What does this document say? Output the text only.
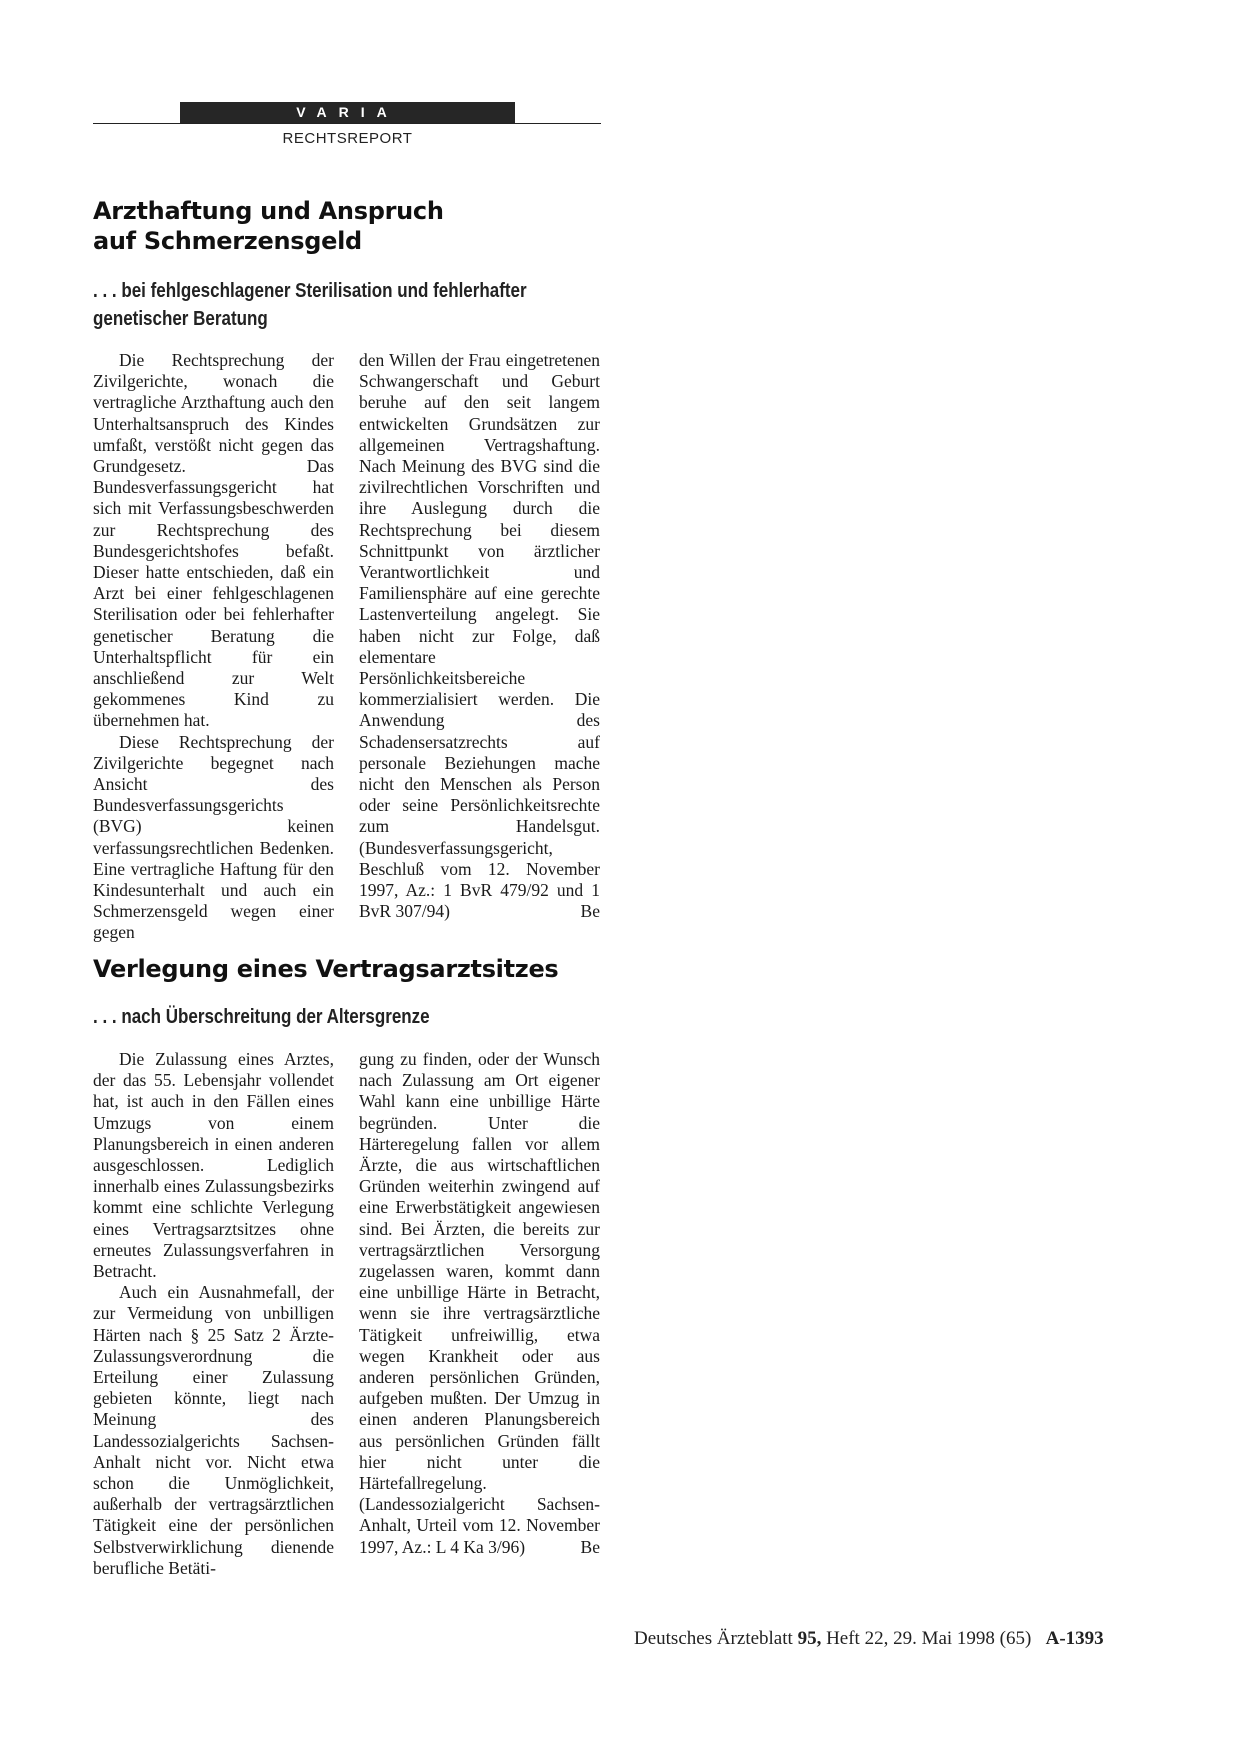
VARIA
RECHTSREPORT
Arzthaftung und Anspruch
auf Schmerzensgeld
. . . bei fehlgeschlagener Sterilisation und fehlerhafter
genetischer Beratung

Die Rechtsprechung der Zivilgerichte, wonach die vertragliche Arzthaftung auch den Unterhaltsanspruch des Kindes umfaßt, verstößt nicht gegen das Grundgesetz. Das Bundesverfassungsgericht hat sich mit Verfassungsbeschwerden zur Rechtsprechung des Bundesgerichtshofes befaßt. Dieser hatte entschieden, daß ein Arzt bei einer fehlgeschlagenen Sterilisation oder bei fehlerhafter genetischer Beratung die Unterhaltspflicht für ein anschließend zur Welt gekommenes Kind zu übernehmen hat.

Diese Rechtsprechung der Zivilgerichte begegnet nach Ansicht des Bundesverfassungsgerichts (BVG) keinen verfassungsrechtlichen Bedenken. Eine vertragliche Haftung für den Kindesunterhalt und auch ein Schmerzensgeld wegen einer gegen

den Willen der Frau eingetretenen Schwangerschaft und Geburt beruhe auf den seit langem entwickelten Grundsätzen zur allgemeinen Vertragshaftung. Nach Meinung des BVG sind die zivilrechtlichen Vorschriften und ihre Auslegung durch die Rechtsprechung bei diesem Schnittpunkt von ärztlicher Verantwortlichkeit und Familiensphäre auf eine gerechte Lastenverteilung angelegt. Sie haben nicht zur Folge, daß elementare Persönlichkeitsbereiche kommerzialisiert werden. Die Anwendung des Schadensersatzrechts auf personale Beziehungen mache nicht den Menschen als Person oder seine Persönlichkeitsrechte zum Handelsgut. (Bundesverfassungsgericht, Beschluß vom 12. November 1997, Az.: 1 BvR 479/92 und 1 BvR 307/94)	Be

Verlegung eines Vertragsarztsitzes
. . . nach Überschreitung der Altersgrenze

Die Zulassung eines Arztes, der das 55. Lebensjahr vollendet hat, ist auch in den Fällen eines Umzugs von einem Planungsbereich in einen anderen ausgeschlossen. Lediglich innerhalb eines Zulassungsbezirks kommt eine schlichte Verlegung eines Vertragsarztsitzes ohne erneutes Zulassungsverfahren in Betracht.

Auch ein Ausnahmefall, der zur Vermeidung von unbilligen Härten nach § 25 Satz 2 Ärzte-Zulassungsverordnung die Erteilung einer Zulassung gebieten könnte, liegt nach Meinung des Landessozialgerichts Sachsen-Anhalt nicht vor. Nicht etwa schon die Unmöglichkeit, außerhalb der vertragsärztlichen Tätigkeit eine der persönlichen Selbstverwirklichung dienende berufliche Betäti-

gung zu finden, oder der Wunsch nach Zulassung am Ort eigener Wahl kann eine unbillige Härte begründen. Unter die Härteregelung fallen vor allem Ärzte, die aus wirtschaftlichen Gründen weiterhin zwingend auf eine Erwerbstätigkeit angewiesen sind. Bei Ärzten, die bereits zur vertragsärztlichen Versorgung zugelassen waren, kommt dann eine unbillige Härte in Betracht, wenn sie ihre vertragsärztliche Tätigkeit unfreiwillig, etwa wegen Krankheit oder aus anderen persönlichen Gründen, aufgeben mußten. Der Umzug in einen anderen Planungsbereich aus persönlichen Gründen fällt hier nicht unter die Härtefallregelung. (Landessozialgericht Sachsen-Anhalt, Urteil vom 12. November 1997, Az.: L 4 Ka 3/96)	Be

Deutsches Ärzteblatt 95, Heft 22, 29. Mai 1998 (65) A-1393
